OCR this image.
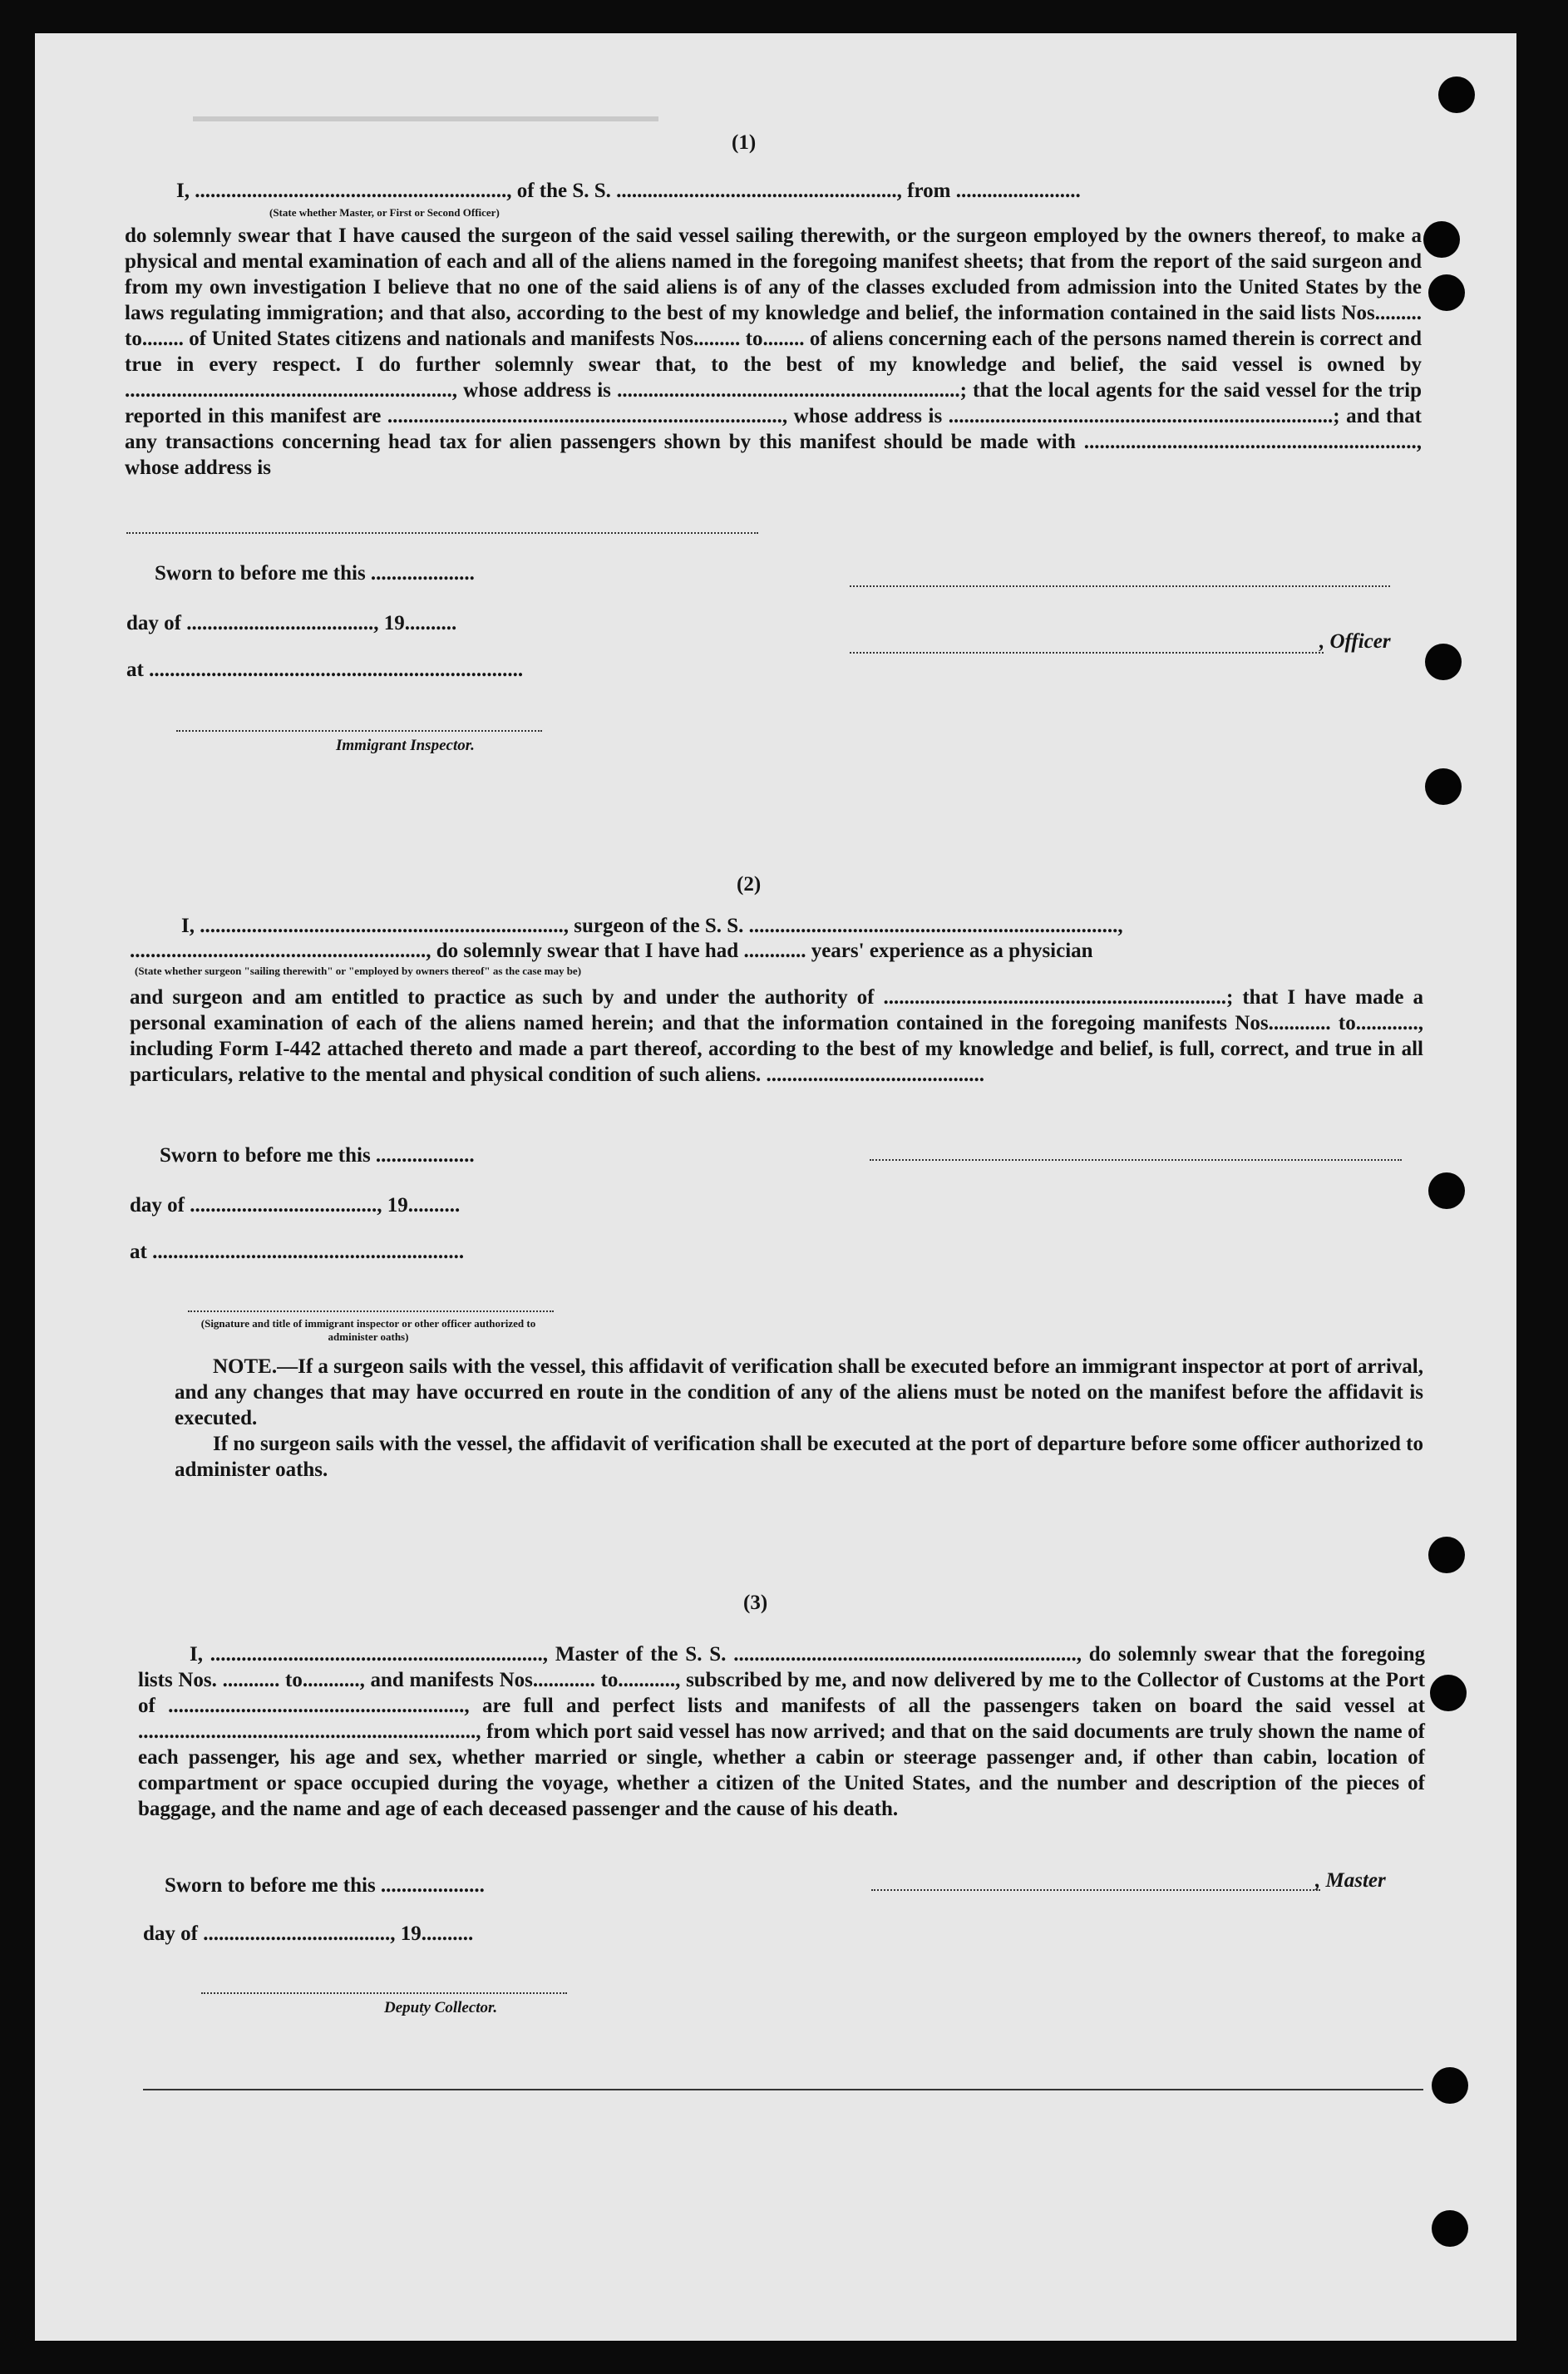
(1)
I, ............................................................, of the S. S. ......................................................, from ........................
(State whether Master, or First or Second Officer)

do solemnly swear that I have caused the surgeon of the said vessel sailing therewith, or the surgeon employed by the owners thereof, to make a physical and mental examination of each and all of the aliens named in the foregoing manifest sheets; that from the report of the said surgeon and from my own investigation I believe that no one of the said aliens is of any of the classes excluded from admission into the United States by the laws regulating immigration; and that also, according to the best of my knowledge and belief, the information contained in the said lists Nos......... to........ of United States citizens and nationals and manifests Nos......... to........ of aliens concerning each of the persons named therein is correct and true in every respect. I do further solemnly swear that, to the best of my knowledge and belief, the said vessel is owned by ..............................................................., whose address is ..................................................................; that the local agents for the said vessel for the trip reported in this manifest are ............................................................................, whose address is ..........................................................................; and that any transactions concerning head tax for alien passengers shown by this manifest should be made with ................................................................, whose address is

Sworn to before me this ....................
day of ...................................., 19..........
at ........................................................................
Immigrant Inspector.
, Officer
(2)
I, ......................................................................, surgeon of the S. S. .......................................................................,
........................................................., do solemnly swear that I have had ............ years' experience as a physician
(State whether surgeon "sailing therewith" or "employed by owners thereof" as the case may be)

and surgeon and am entitled to practice as such by and under the authority of ..................................................................; that I have made a personal examination of each of the aliens named herein; and that the information contained in the foregoing manifests Nos............ to............, including Form I-442 attached thereto and made a part thereof, according to the best of my knowledge and belief, is full, correct, and true in all particulars, relative to the mental and physical condition of such aliens. ..........................................

Sworn to before me this ...................
day of ...................................., 19..........
at ............................................................
(Signature and title of immigrant inspector or other officer authorized to administer oaths)

NOTE.—If a surgeon sails with the vessel, this affidavit of verification shall be executed before an immigrant inspector at port of arrival, and any changes that may have occurred en route in the condition of any of the aliens must be noted on the manifest before the affidavit is executed.

If no surgeon sails with the vessel, the affidavit of verification shall be executed at the port of departure before some officer authorized to administer oaths.

(3)

I, ................................................................, Master of the S. S. .................................................................., do solemnly swear that the foregoing lists Nos. ........... to..........., and manifests Nos............ to..........., subscribed by me, and now delivered by me to the Collector of Customs at the Port of ........................................................., are full and perfect lists and manifests of all the passengers taken on board the said vessel at ................................................................., from which port said vessel has now arrived; and that on the said documents are truly shown the name of each passenger, his age and sex, whether married or single, whether a cabin or steerage passenger and, if other than cabin, location of compartment or space occupied during the voyage, whether a citizen of the United States, and the number and description of the pieces of baggage, and the name and age of each deceased passenger and the cause of his death.

Sworn to before me this ....................	, Master
day of ...................................., 19..........
Deputy Collector.
